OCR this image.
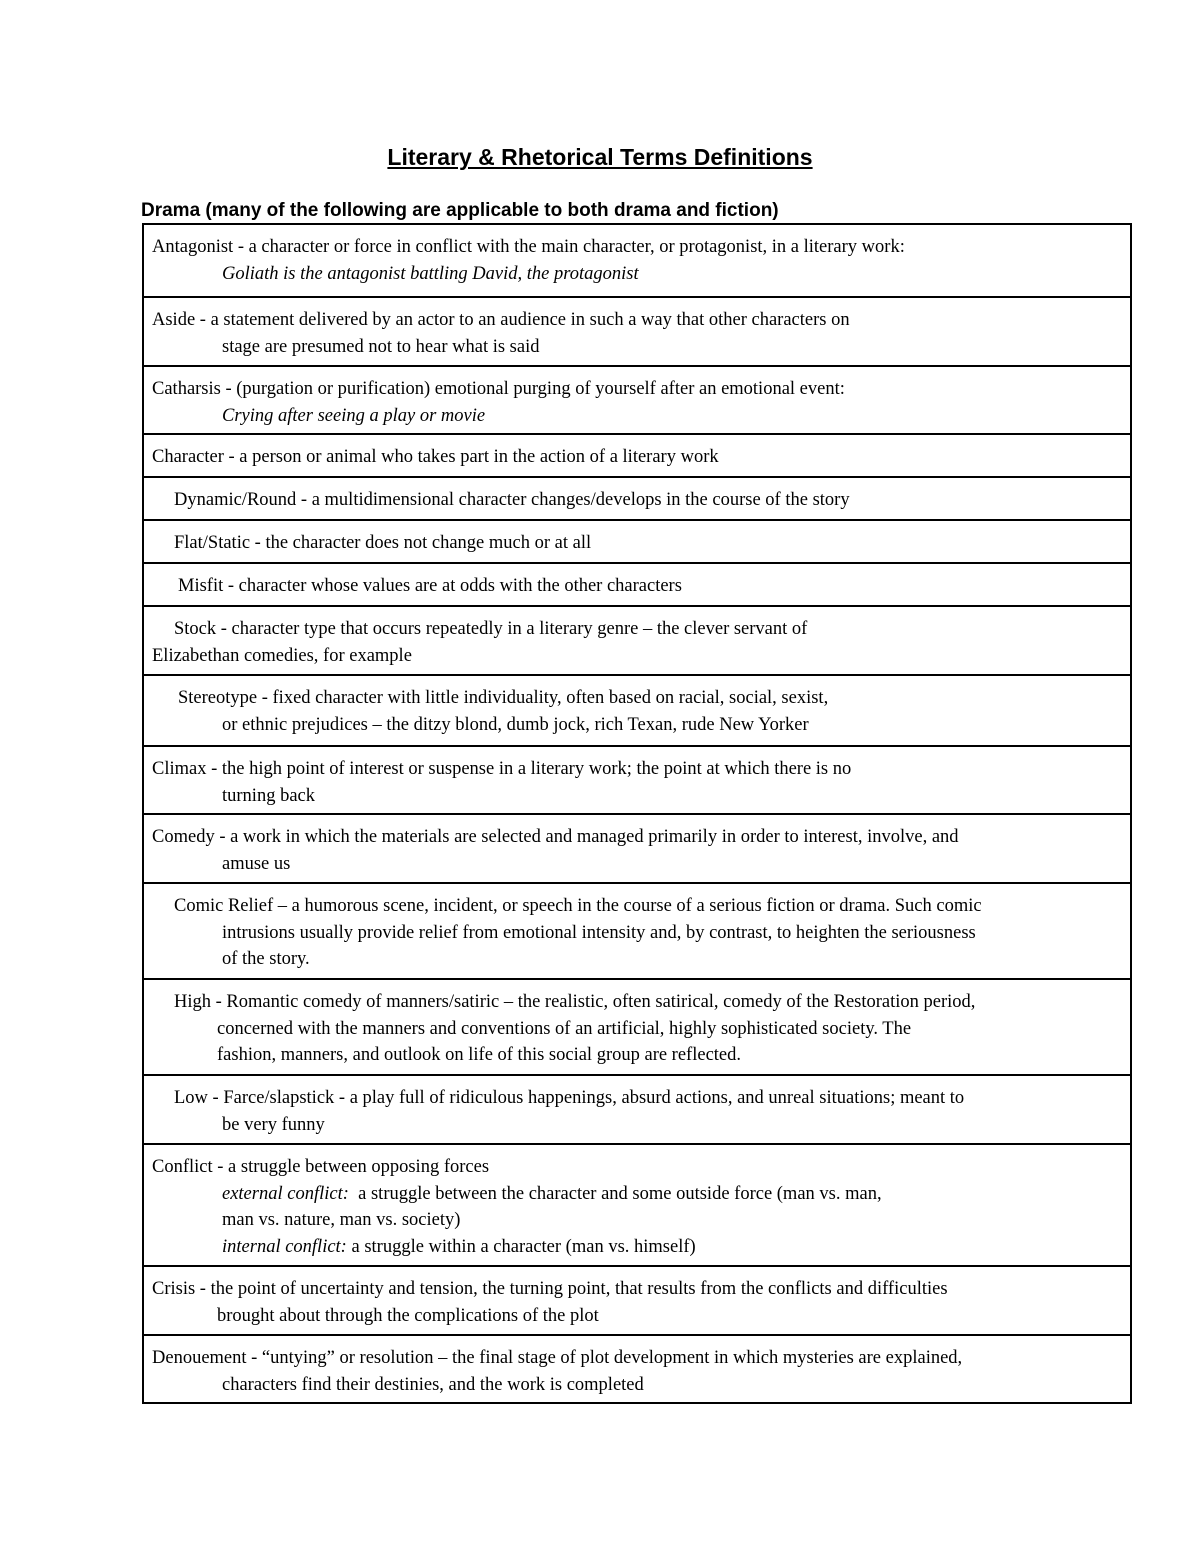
Literary & Rhetorical Terms Definitions
Drama (many of the following are applicable to both drama and fiction)
Antagonist - a character or force in conflict with the main character, or protagonist, in a literary work:
Goliath is the antagonist battling David, the protagonist
Aside - a statement delivered by an actor to an audience in such a way that other characters on
stage are presumed not to hear what is said
Catharsis - (purgation or purification) emotional purging of yourself after an emotional event:
Crying after seeing a play or movie
Character - a person or animal who takes part in the action of a literary work
Dynamic/Round - a multidimensional character changes/develops in the course of the story
Flat/Static - the character does not change much or at all
Misfit - character whose values are at odds with the other characters
Stock - character type that occurs repeatedly in a literary genre – the clever servant of
Elizabethan comedies, for example
Stereotype - fixed character with little individuality, often based on racial, social, sexist,
or ethnic prejudices – the ditzy blond, dumb jock, rich Texan, rude New Yorker
Climax - the high point of interest or suspense in a literary work; the point at which there is no
turning back
Comedy - a work in which the materials are selected and managed primarily in order to interest, involve, and
amuse us
Comic Relief – a humorous scene, incident, or speech in the course of a serious fiction or drama. Such comic
intrusions usually provide relief from emotional intensity and, by contrast, to heighten the seriousness
of the story.
High - Romantic comedy of manners/satiric – the realistic, often satirical, comedy of the Restoration period,
concerned with the manners and conventions of an artificial, highly sophisticated society. The
fashion, manners, and outlook on life of this social group are reflected.
Low - Farce/slapstick - a play full of ridiculous happenings, absurd actions, and unreal situations; meant to
be very funny
Conflict - a struggle between opposing forces
external conflict:  a struggle between the character and some outside force (man vs. man,
man vs. nature, man vs. society)
internal conflict: a struggle within a character (man vs. himself)
Crisis - the point of uncertainty and tension, the turning point, that results from the conflicts and difficulties
brought about through the complications of the plot
Denouement - “untying” or resolution – the final stage of plot development in which mysteries are explained,
characters find their destinies, and the work is completed
